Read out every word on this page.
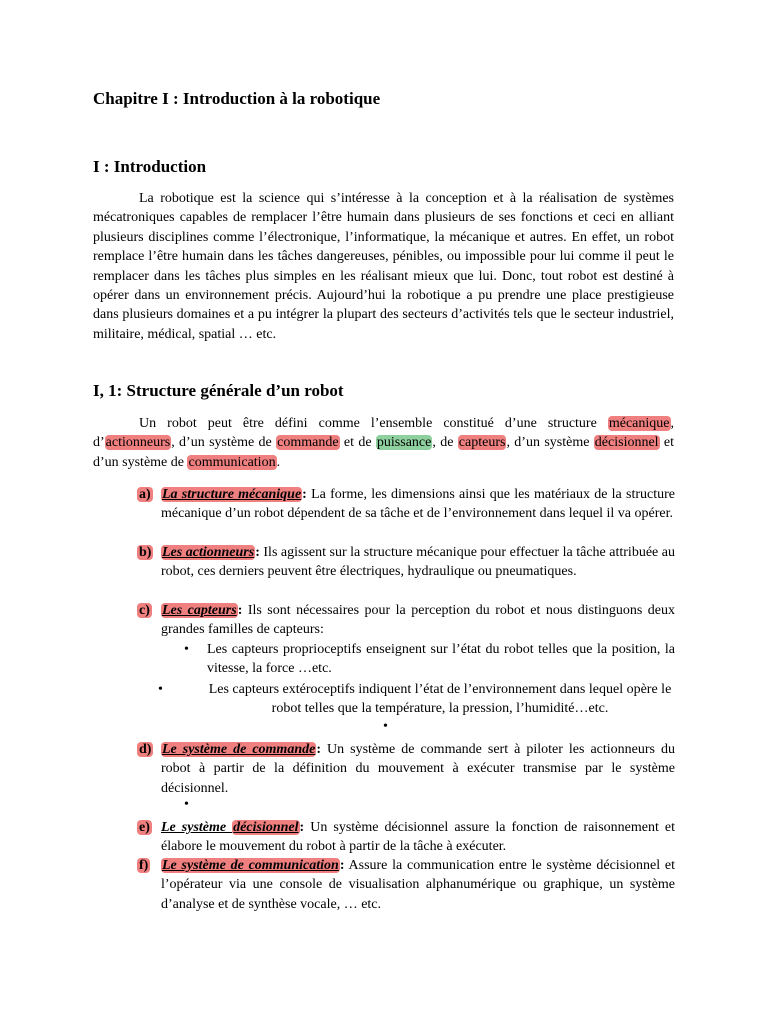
Chapitre I : Introduction à la robotique
I : Introduction
La robotique est la science qui s’intéresse à la conception et à la réalisation de systèmes mécatroniques capables de remplacer l’être humain dans plusieurs de ses fonctions et ceci en alliant plusieurs disciplines comme l’électronique, l’informatique, la mécanique et autres. En effet, un robot remplace l’être humain dans les tâches dangereuses, pénibles, ou impossible pour lui comme il peut le remplacer dans les tâches plus simples en les réalisant mieux que lui. Donc, tout robot est destiné à opérer dans un environnement précis. Aujourd’hui la robotique a pu prendre une place prestigieuse dans plusieurs domaines et a pu intégrer la plupart des secteurs d’activités tels que le secteur industriel, militaire, médical, spatial … etc.
I, 1: Structure générale d’un robot
Un robot peut être défini comme l’ensemble constitué d’une structure mécanique, d’actionneurs, d’un système de commande et de puissance, de capteurs, d’un système décisionnel et d’un système de communication.
a) La structure mécanique: La forme, les dimensions ainsi que les matériaux de la structure mécanique d’un robot dépendent de sa tâche et de l’environnement dans lequel il va opérer.
b) Les actionneurs: Ils agissent sur la structure mécanique pour effectuer la tâche attribuée au robot, ces derniers peuvent être électriques, hydraulique ou pneumatiques.
c) Les capteurs: Ils sont nécessaires pour la perception du robot et nous distinguons deux grandes familles de capteurs:
• Les capteurs proprioceptifs enseignent sur l’état du robot telles que la position, la vitesse, la force …etc.
•	Les capteurs extéroceptifs indiquent l’état de l’environnement dans lequel opère le robot telles que la température, la pression, l’humidité…etc.
•
d) Le système de commande: Un système de commande sert à piloter les actionneurs du robot à partir de la définition du mouvement à exécuter transmise par le système décisionnel.
•
e) Le système décisionnel: Un système décisionnel assure la fonction de raisonnement et élabore le mouvement du robot à partir de la tâche à exécuter.
f) Le système de communication: Assure la communication entre le système décisionnel et l’opérateur via une console de visualisation alphanumérique ou graphique, un système d’analyse et de synthèse vocale, … etc.
